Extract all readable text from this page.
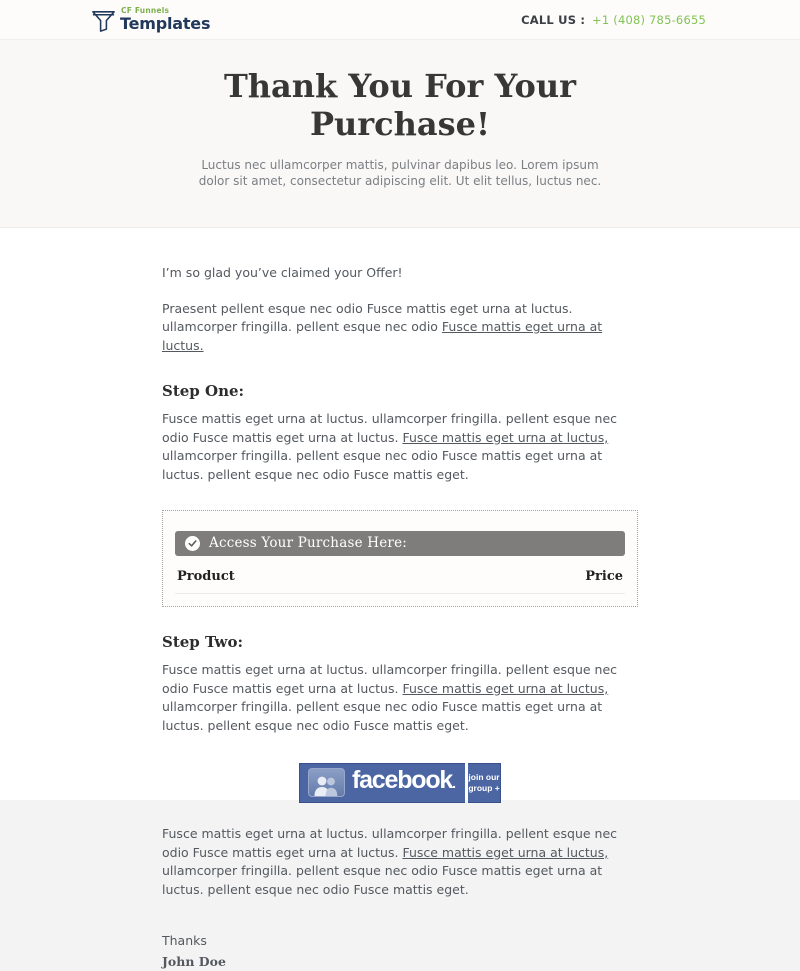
CF Funnels
Templates	CALL US : +1 (408) 785-6655
Thank You For Your Purchase!

Luctus nec ullamcorper mattis, pulvinar dapibus leo. Lorem ipsum dolor sit amet, consectetur adipiscing elit. Ut elit tellus, luctus nec.

I’m so glad you’ve claimed your Offer!

Praesent pellent esque nec odio Fusce mattis eget urna at luctus. ullamcorper fringilla. pellent esque nec odio Fusce mattis eget urna at luctus.

Step One:

Fusce mattis eget urna at luctus. ullamcorper fringilla. pellent esque nec odio Fusce mattis eget urna at luctus. Fusce mattis eget urna at luctus, ullamcorper fringilla. pellent esque nec odio Fusce mattis eget urna at luctus. pellent esque nec odio Fusce mattis eget.

Access Your Purchase Here:
Product	Price
Step Two:

Fusce mattis eget urna at luctus. ullamcorper fringilla. pellent esque nec odio Fusce mattis eget urna at luctus. Fusce mattis eget urna at luctus, ullamcorper fringilla. pellent esque nec odio Fusce mattis eget urna at luctus. pellent esque nec odio Fusce mattis eget.

facebook. join our
group +

Fusce mattis eget urna at luctus. ullamcorper fringilla. pellent esque nec odio Fusce mattis eget urna at luctus. Fusce mattis eget urna at luctus, ullamcorper fringilla. pellent esque nec odio Fusce mattis eget urna at luctus. pellent esque nec odio Fusce mattis eget.

Thanks

John Doe
